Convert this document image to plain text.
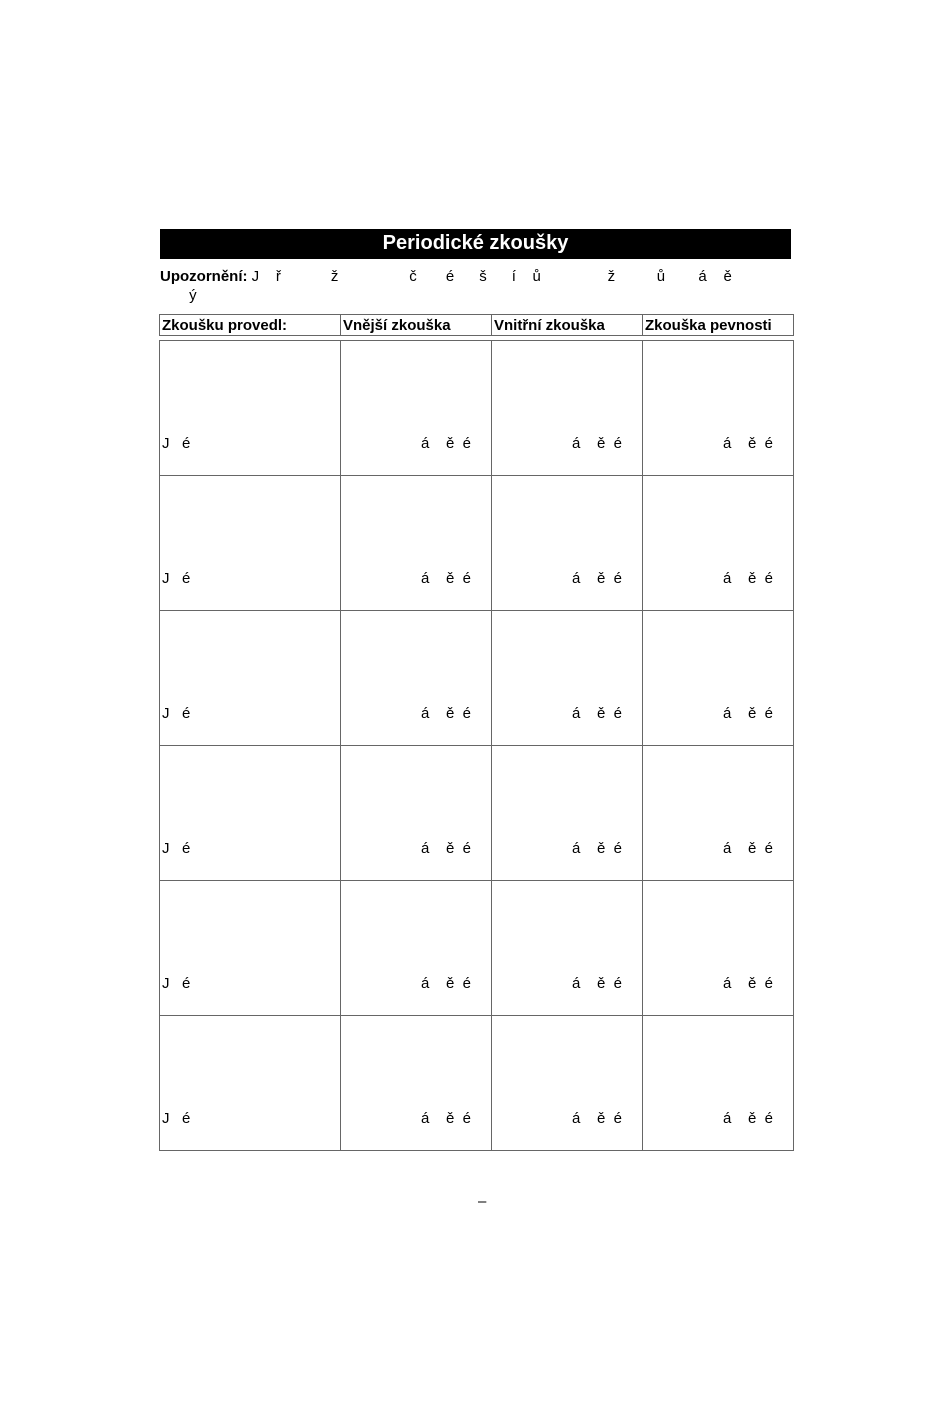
Periodické zkoušky
Upozornění: J    ř            ž                 č       é      š      í    ů                ž          ů        á    ě
ý
Zkoušku provedl:	Vnější zkouška	Vnitřní zkouška	Zkouška pevnosti
J   é	á    ě  é	á    ě  é	á    ě  é

J   é	á    ě  é	á    ě  é	á    ě  é

J   é	á    ě  é	á    ě  é	á    ě  é

J   é	á    ě  é	á    ě  é	á    ě  é

J   é	á    ě  é	á    ě  é	á    ě  é

J   é	á    ě  é	á    ě  é	á    ě  é
–
